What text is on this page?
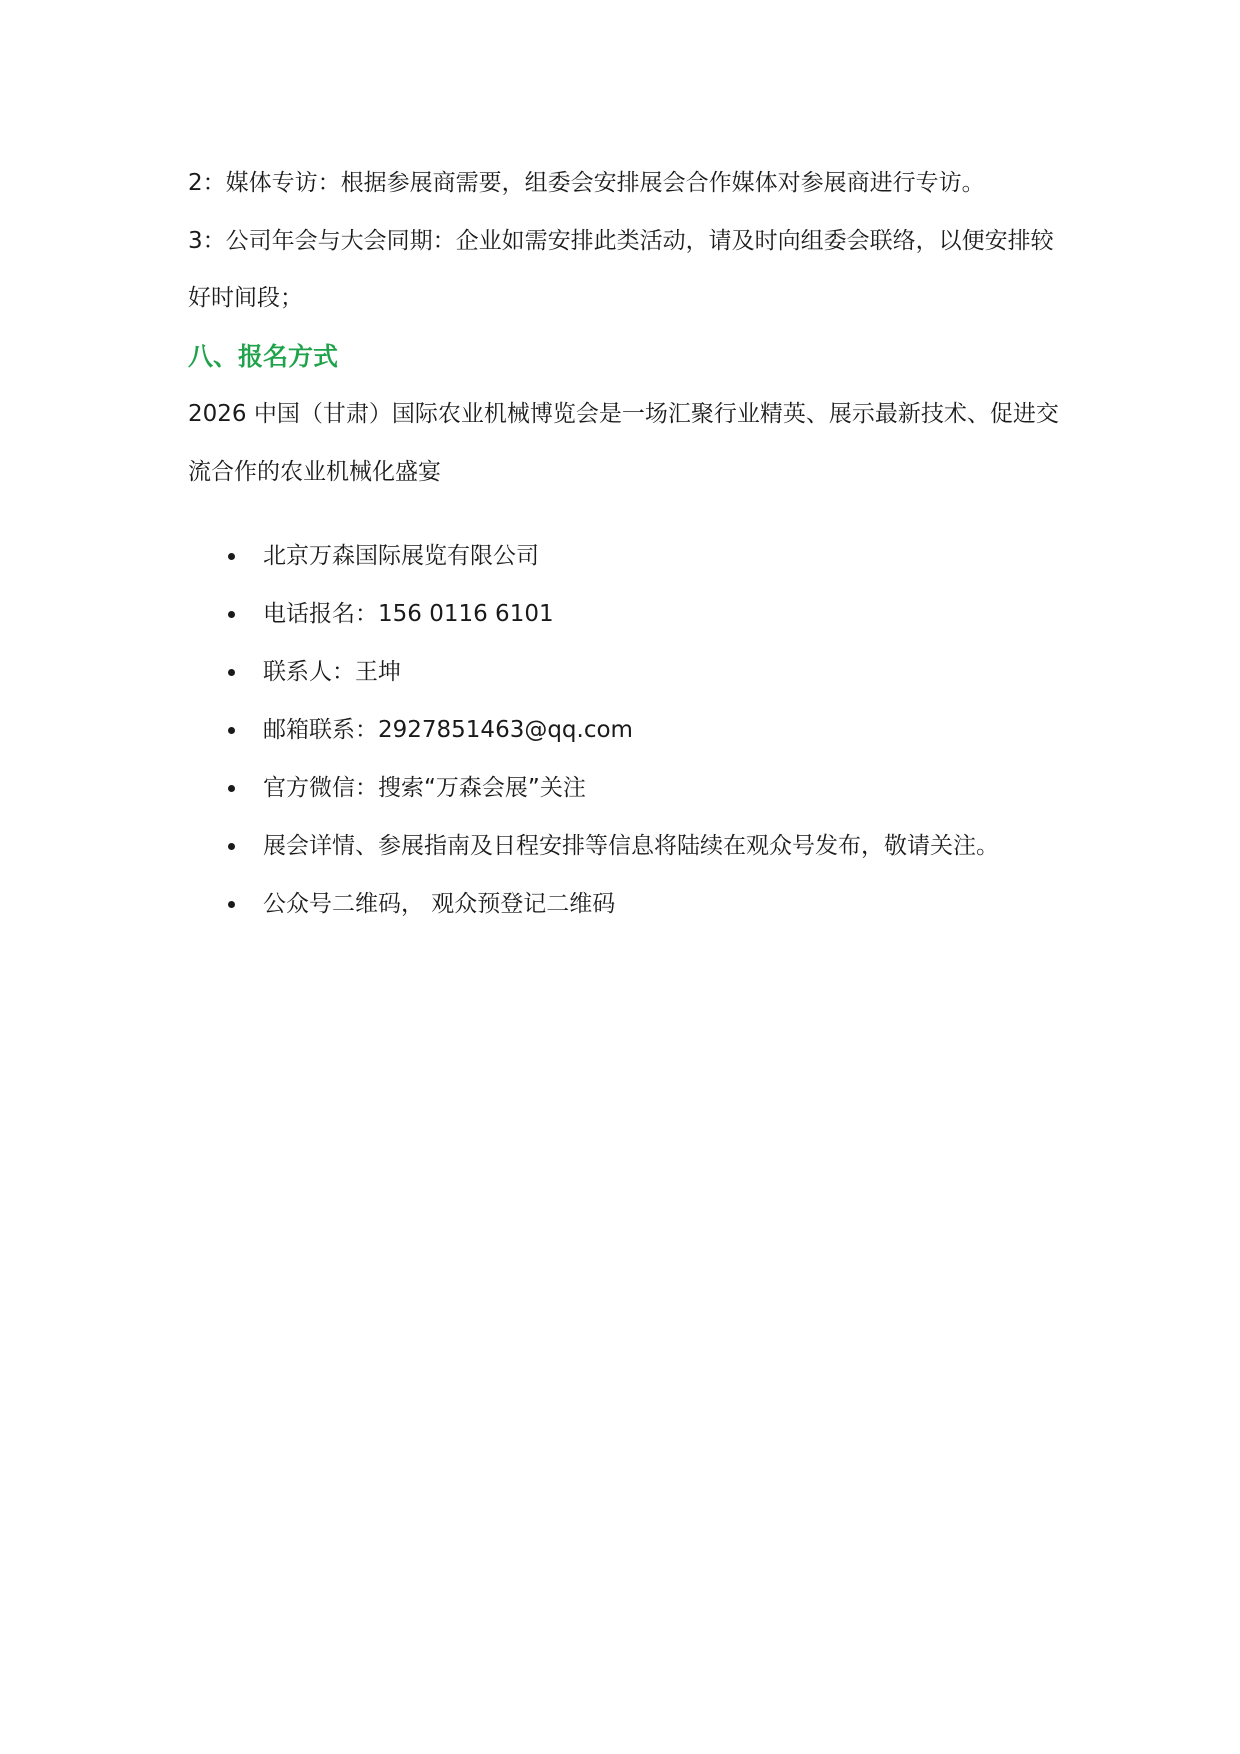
2：媒体专访：根据参展商需要，组委会安排展会合作媒体对参展商进行专访。
3：公司年会与大会同期：企业如需安排此类活动，请及时向组委会联络，以便安排较
好时间段；
八、报名方式
2026 中国（甘肃）国际农业机械博览会是一场汇聚行业精英、展示最新技术、促进交
流合作的农业机械化盛宴
北京万森国际展览有限公司
电话报名：156 0116 6101
联系人：王坤
邮箱联系：2927851463@qq.com
官方微信：搜索“万森会展”关注
展会详情、参展指南及日程安排等信息将陆续在观众号发布，敬请关注。
公众号二维码， 观众预登记二维码
